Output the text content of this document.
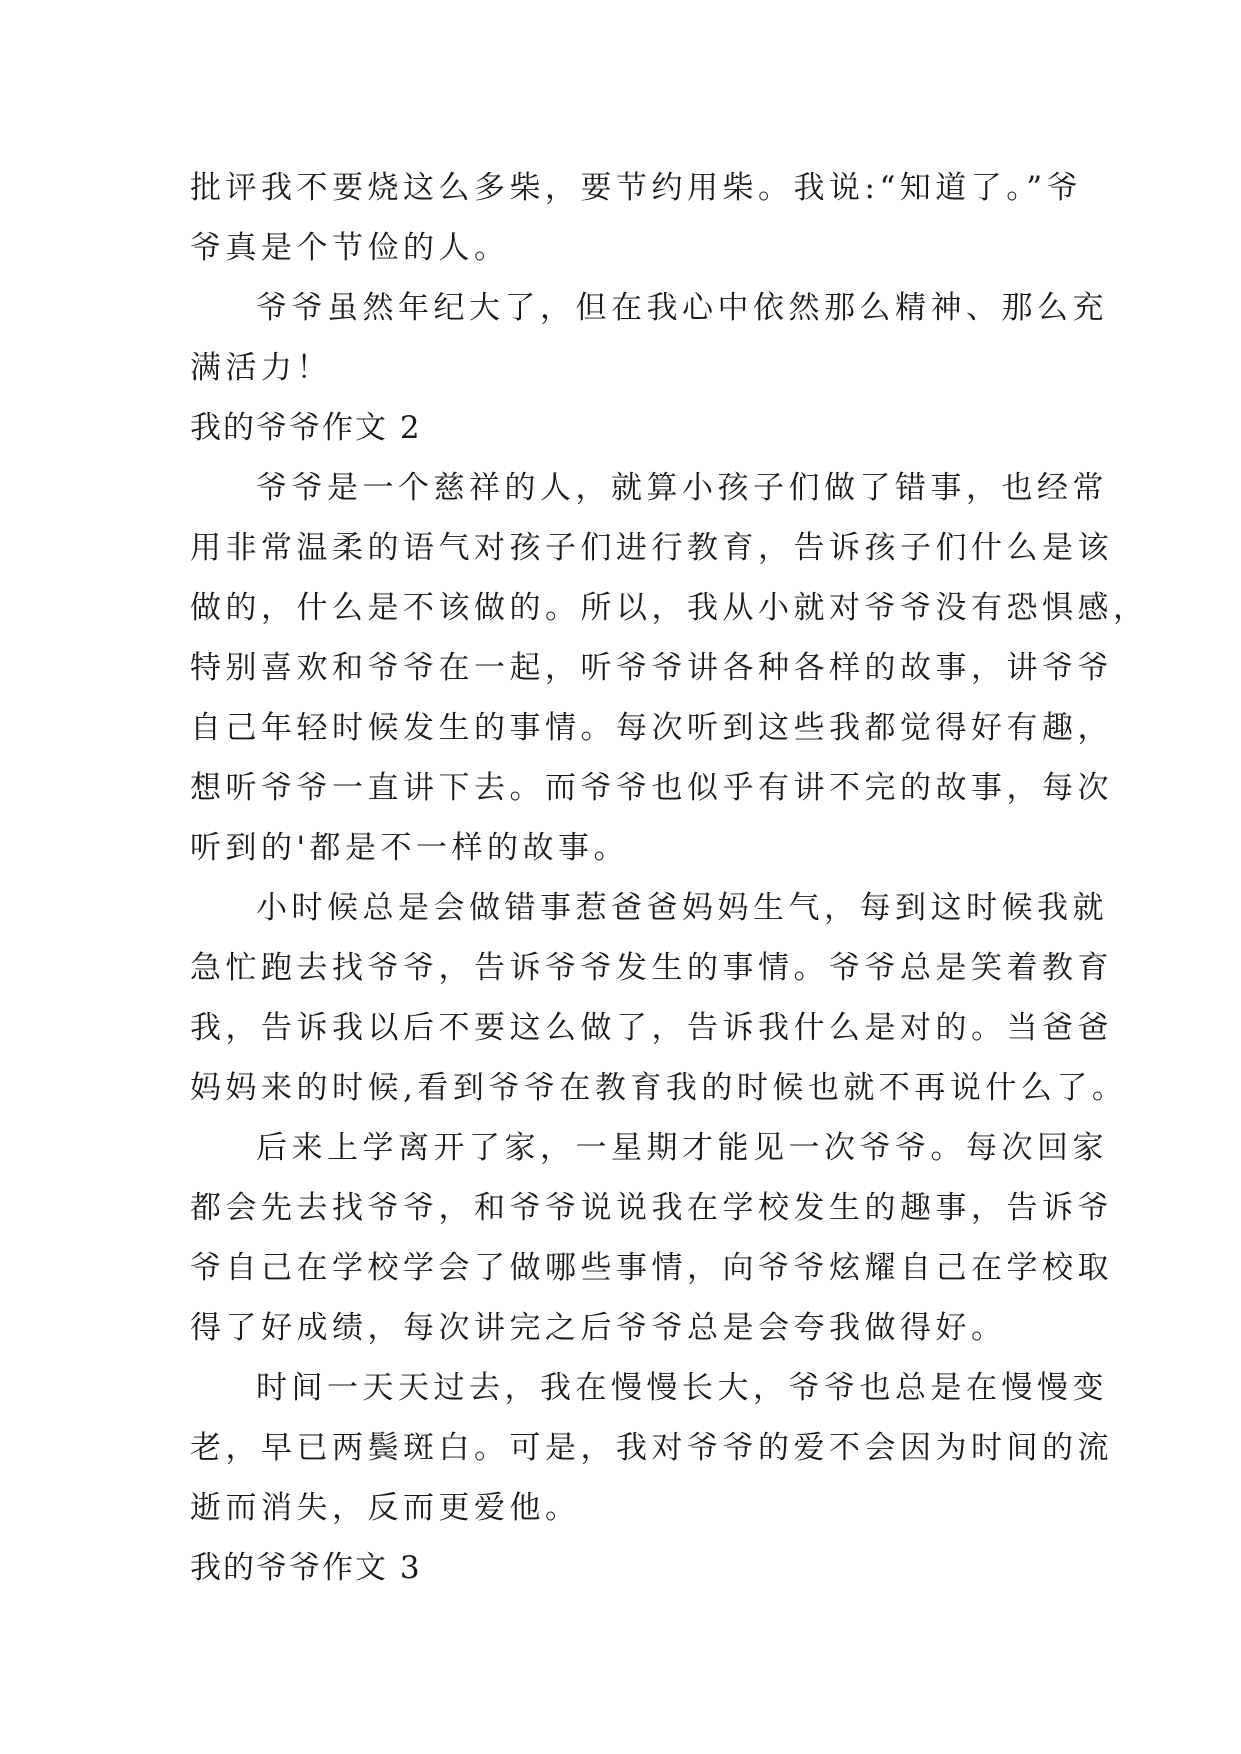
批评我不要烧这么多柴，要节约用柴。我说:“知道了。”爷
爷真是个节俭的人。
爷爷虽然年纪大了，但在我心中依然那么精神、那么充
满活力！
我的爷爷作文 2
爷爷是一个慈祥的人，就算小孩子们做了错事，也经常
用非常温柔的语气对孩子们进行教育，告诉孩子们什么是该
做的，什么是不该做的。所以，我从小就对爷爷没有恐惧感，
特别喜欢和爷爷在一起，听爷爷讲各种各样的故事，讲爷爷
自己年轻时候发生的事情。每次听到这些我都觉得好有趣，
想听爷爷一直讲下去。而爷爷也似乎有讲不完的故事，每次
听到的'都是不一样的故事。
小时候总是会做错事惹爸爸妈妈生气，每到这时候我就
急忙跑去找爷爷，告诉爷爷发生的事情。爷爷总是笑着教育
我，告诉我以后不要这么做了，告诉我什么是对的。当爸爸
妈妈来的时候,看到爷爷在教育我的时候也就不再说什么了。
后来上学离开了家，一星期才能见一次爷爷。每次回家
都会先去找爷爷，和爷爷说说我在学校发生的趣事，告诉爷
爷自己在学校学会了做哪些事情，向爷爷炫耀自己在学校取
得了好成绩，每次讲完之后爷爷总是会夸我做得好。
时间一天天过去，我在慢慢长大，爷爷也总是在慢慢变
老，早已两鬓斑白。可是，我对爷爷的爱不会因为时间的流
逝而消失，反而更爱他。
我的爷爷作文 3
